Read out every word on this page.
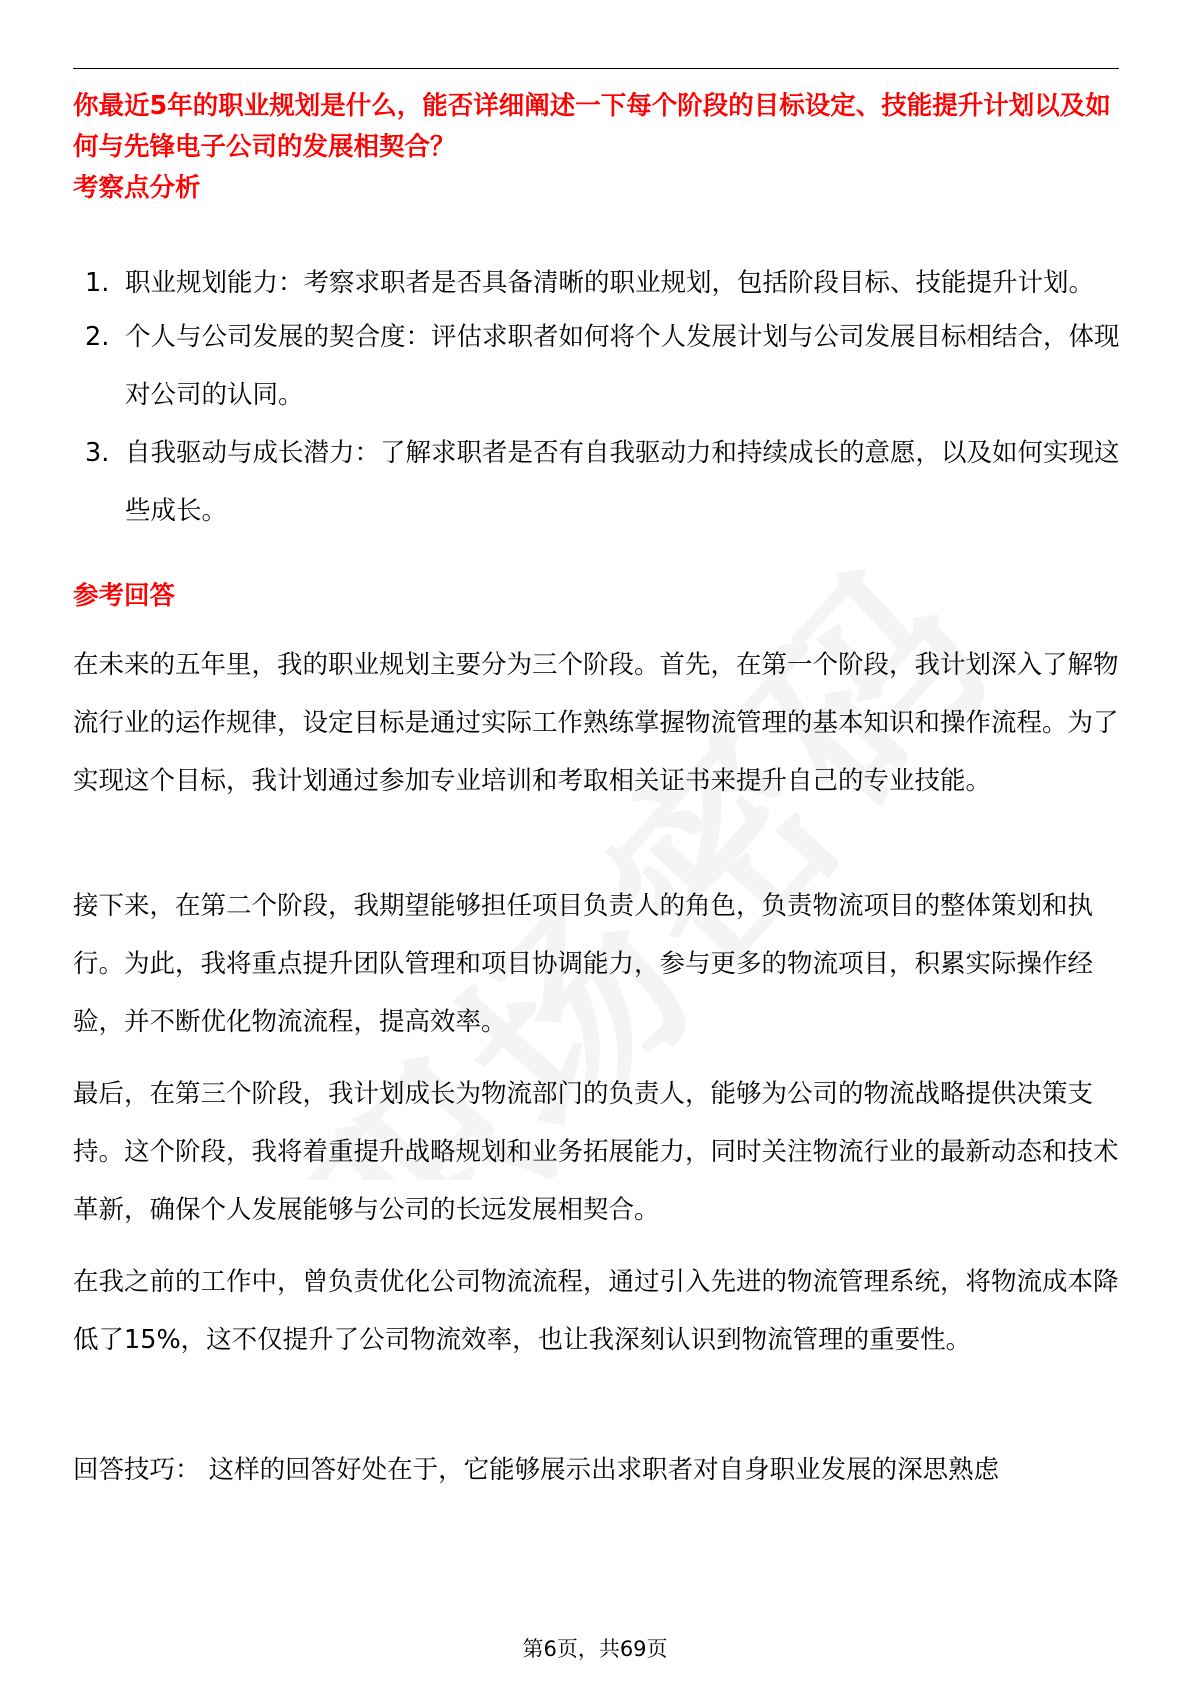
你最近5年的职业规划是什么，能否详细阐述一下每个阶段的目标设定、技能提升计划以及如何与先锋电子公司的发展相契合？
考察点分析
1. 职业规划能力：考察求职者是否具备清晰的职业规划，包括阶段目标、技能提升计划。
2. 个人与公司发展的契合度：评估求职者如何将个人发展计划与公司发展目标相结合，体现对公司的认同。
3. 自我驱动与成长潜力：了解求职者是否有自我驱动力和持续成长的意愿，以及如何实现这些成长。
参考回答
在未来的五年里，我的职业规划主要分为三个阶段。首先，在第一个阶段，我计划深入了解物流行业的运作规律，设定目标是通过实际工作熟练掌握物流管理的基本知识和操作流程。为了实现这个目标，我计划通过参加专业培训和考取相关证书来提升自己的专业技能。
接下来，在第二个阶段，我期望能够担任项目负责人的角色，负责物流项目的整体策划和执行。为此，我将重点提升团队管理和项目协调能力，参与更多的物流项目，积累实际操作经验，并不断优化物流流程，提高效率。
最后，在第三个阶段，我计划成长为物流部门的负责人，能够为公司的物流战略提供决策支持。这个阶段，我将着重提升战略规划和业务拓展能力，同时关注物流行业的最新动态和技术革新，确保个人发展能够与公司的长远发展相契合。
在我之前的工作中，曾负责优化公司物流流程，通过引入先进的物流管理系统，将物流成本降低了15%，这不仅提升了公司物流效率，也让我深刻认识到物流管理的重要性。
回答技巧： 这样的回答好处在于，它能够展示出求职者对自身职业发展的深思熟虑
第6页，共69页
